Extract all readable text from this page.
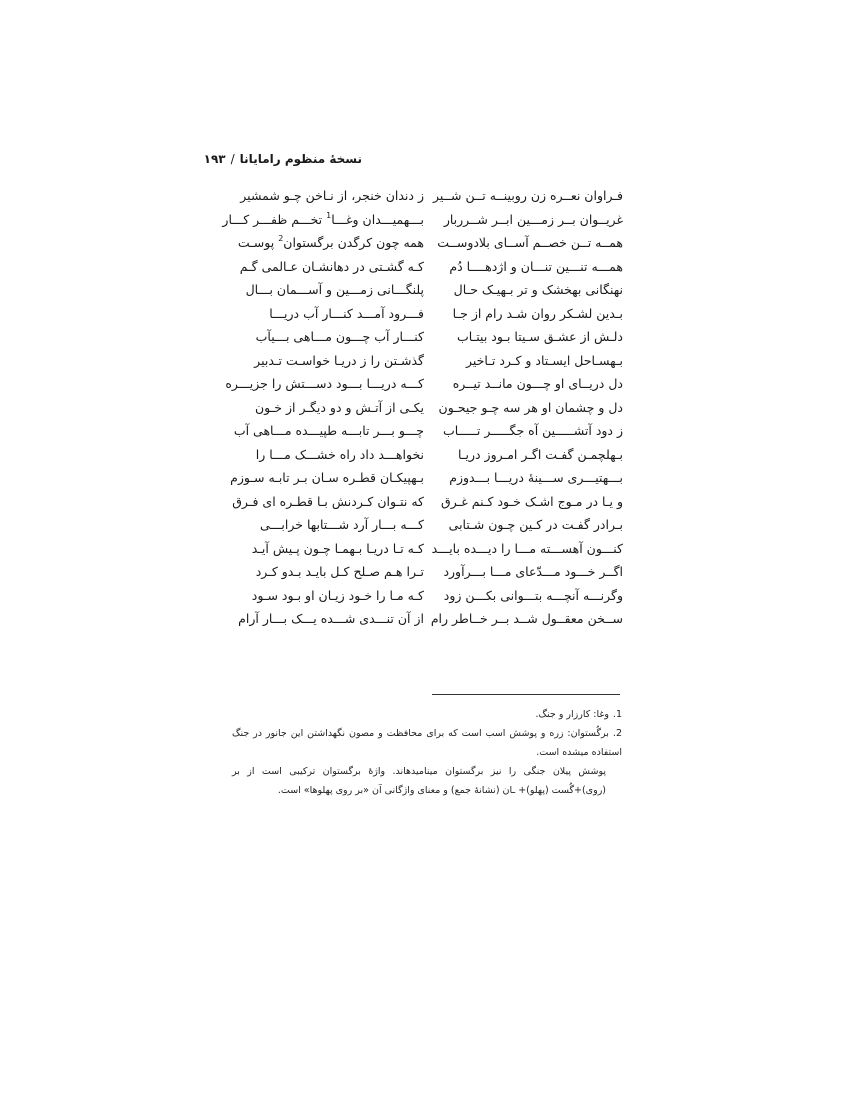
نسخۀ منظوم رامایانا/۱۹۳
فـراوان نعــره زن روبینــه تــن شــیر
غریــوان بــر زمـــین ابــر شــرربار
همــه تــن خصــم آســای بلادوســت
همـــه تنـــین تنـــان و اژدهــــا دُم
نهنگانی بهخشک و تر بـهیـک حـال
بـدین لشـکر روان شـد رام از جـا
دلـش از عشـق سـیتا بـود بیتـاب
بـهسـاحل ایسـتاد و کـرد تـاخیر
دل دریــای او چـــون مانــد تیــره
دل و چشمان او هر سه چـو جیحـون
ز دود آتشـــــین آه جگـــــر تـــــاب
بـهلچمـن گفـت اگـر امـروز دریـا
بـــهتیـــری ســـینۀ دریـــا بـــدوزم
و یـا در مـوج اشـک خـود کـنم غـرق
بـرادر گفـت در کـین چـون شـتابی
کنـــون آهســـته مـــا را دیـــده بایـــد
اگــر خـــود مـــدّعای مـــا بـــرآورد
وگرنـــه آنچـــه بتـــوانی بکـــن زود
ســخن معقــول شــد بــر خــاطر رام
ز دندان خنجر، از نـاخن چـو شمشیر
بـــهمیـــدان وغـــا$^1$ تخـــم ظفـــر کـــار
همه چون کرگدن برگستوان$^2$ پوسـت
کـه گشـتی در دهانشـان عـالمی گـم
پلنگـــانی زمـــین و آســـمان بـــال
فـــرود آمـــد کنـــار آب دریـــا
کنـــار آب چـــون مـــاهی بـــیآب
گذشـتن را ز دریـا خواسـت تـدبیر
کـــه دریـــا بـــود دســـتش را جزیـــره
یکـی از آتـش و دو دیگـر از خـون
چـــو بـــر تابـــه طپیـــده مـــاهی آب
نخواهـــد داد راه خشـــک مـــا را
بـهپیکـان قطـره سـان بـر تابـه سـوزم
که نتـوان کـردنش بـا قطـره ای فـرق
کـــه بـــار آرد شـــتابها خرابـــی
کـه تـا دریـا بـهمـا چـون پـیش آیـد
تـرا هـم صـلح کـل بایـد بـدو کـرد
کـه مـا را خـود زیـان او بـود سـود
از آن تنـــدی شـــده یـــک بـــار آرام
1.وغا: کارزار و جنگ.
2.برگُستوان: زره و پوشش اسب است که برای محافظت و مصون نگهداشتن این جانور در جنگ استفاده میشده است.
پوشش پیلان جنگی را نیز برگستوان مینامیدهاند. واژۀ برگستوان ترکیبی است از بر (روی)+گُست (پهلو)+ ـان (نشانۀ جمع) و معنای واژگانی آن «بر روی پهلوها» است.
